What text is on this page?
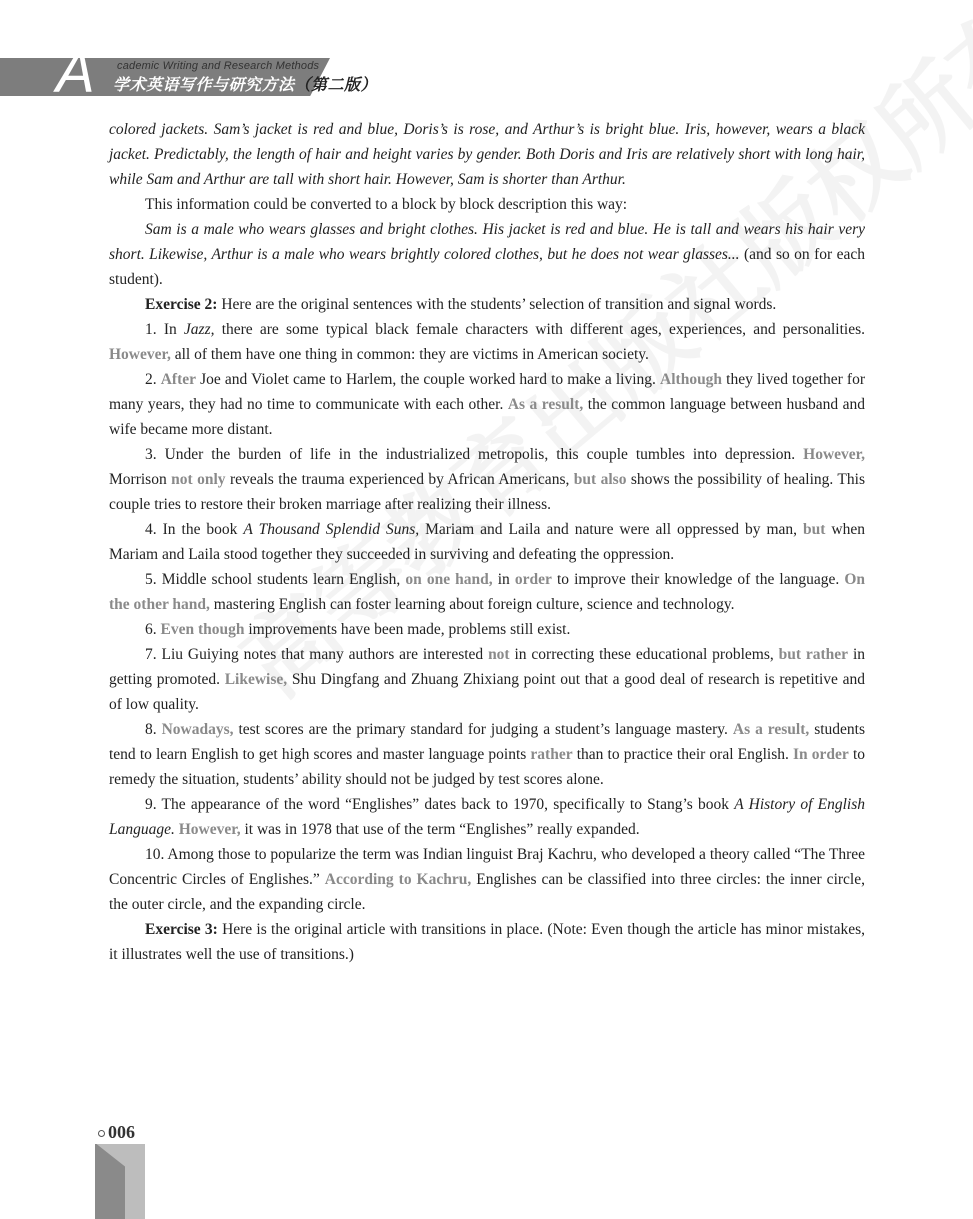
A cademic Writing and Research Methods
学术英语写作与研究方法（第二版）

colored jackets. Sam’s jacket is red and blue, Doris’s is rose, and Arthur’s is bright blue. Iris, however, wears a black jacket. Predictably, the length of hair and height varies by gender. Both Doris and Iris are relatively short with long hair, while Sam and Arthur are tall with short hair. However, Sam is shorter than Arthur.

This information could be converted to a block by block description this way:

Sam is a male who wears glasses and bright clothes. His jacket is red and blue. He is tall and wears his hair very short. Likewise, Arthur is a male who wears brightly colored clothes, but he does not wear glasses... (and so on for each student).

Exercise 2: Here are the original sentences with the students’ selection of transition and signal words.

1. In Jazz, there are some typical black female characters with different ages, experiences, and personalities. However, all of them have one thing in common: they are victims in American society.

2. After Joe and Violet came to Harlem, the couple worked hard to make a living. Although they lived together for many years, they had no time to communicate with each other. As a result, the common language between husband and wife became more distant.

3. Under the burden of life in the industrialized metropolis, this couple tumbles into depression. However, Morrison not only reveals the trauma experienced by African Americans, but also shows the possibility of healing. This couple tries to restore their broken marriage after realizing their illness.

4. In the book A Thousand Splendid Suns, Mariam and Laila and nature were all oppressed by man, but when Mariam and Laila stood together they succeeded in surviving and defeating the oppression.

5. Middle school students learn English, on one hand, in order to improve their knowledge of the language. On the other hand, mastering English can foster learning about foreign culture, science and technology.

6. Even though improvements have been made, problems still exist.

7. Liu Guiying notes that many authors are interested not in correcting these educational problems, but rather in getting promoted. Likewise, Shu Dingfang and Zhuang Zhixiang point out that a good deal of research is repetitive and of low quality.

8. Nowadays, test scores are the primary standard for judging a student’s language mastery. As a result, students tend to learn English to get high scores and master language points rather than to practice their oral English. In order to remedy the situation, students’ ability should not be judged by test scores alone.

9. The appearance of the word “Englishes” dates back to 1970, specifically to Stang’s book A History of English Language. However, it was in 1978 that use of the term “Englishes” really expanded.

10. Among those to popularize the term was Indian linguist Braj Kachru, who developed a theory called “The Three Concentric Circles of Englishes.” According to Kachru, Englishes can be classified into three circles: the inner circle, the outer circle, and the expanding circle.

Exercise 3: Here is the original article with transitions in place. (Note: Even though the article has minor mistakes, it illustrates well the use of transitions.)

006
